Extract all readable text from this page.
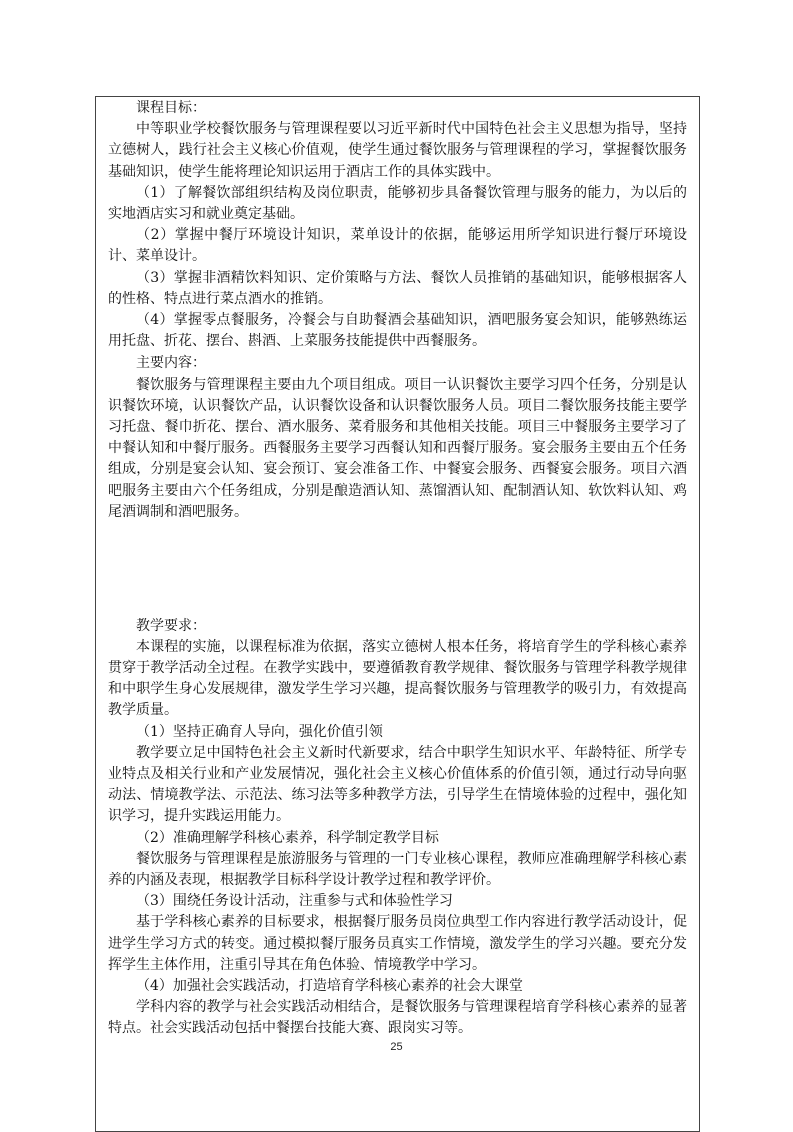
课程目标：

中等职业学校餐饮服务与管理课程要以习近平新时代中国特色社会主义思想为指导，坚持立德树人，践行社会主义核心价值观，使学生通过餐饮服务与管理课程的学习，掌握餐饮服务基础知识，使学生能将理论知识运用于酒店工作的具体实践中。

（1）了解餐饮部组织结构及岗位职责，能够初步具备餐饮管理与服务的能力，为以后的实地酒店实习和就业奠定基础。

（2）掌握中餐厅环境设计知识，菜单设计的依据，能够运用所学知识进行餐厅环境设计、菜单设计。

（3）掌握非酒精饮料知识、定价策略与方法、餐饮人员推销的基础知识，能够根据客人的性格、特点进行菜点酒水的推销。

（4）掌握零点餐服务，冷餐会与自助餐酒会基础知识，酒吧服务宴会知识，能够熟练运用托盘、折花、摆台、斟酒、上菜服务技能提供中西餐服务。

主要内容：

餐饮服务与管理课程主要由九个项目组成。项目一认识餐饮主要学习四个任务，分别是认识餐饮环境，认识餐饮产品，认识餐饮设备和认识餐饮服务人员。项目二餐饮服务技能主要学习托盘、餐巾折花、摆台、酒水服务、菜肴服务和其他相关技能。项目三中餐服务主要学习了中餐认知和中餐厅服务。西餐服务主要学习西餐认知和西餐厅服务。宴会服务主要由五个任务组成，分别是宴会认知、宴会预订、宴会准备工作、中餐宴会服务、西餐宴会服务。项目六酒吧服务主要由六个任务组成，分别是酿造酒认知、蒸馏酒认知、配制酒认知、软饮料认知、鸡尾酒调制和酒吧服务。

教学要求：

本课程的实施，以课程标准为依据，落实立德树人根本任务，将培育学生的学科核心素养贯穿于教学活动全过程。在教学实践中，要遵循教育教学规律、餐饮服务与管理学科教学规律和中职学生身心发展规律，激发学生学习兴趣，提高餐饮服务与管理教学的吸引力，有效提高教学质量。

（1）坚持正确育人导向，强化价值引领

教学要立足中国特色社会主义新时代新要求，结合中职学生知识水平、年龄特征、所学专业特点及相关行业和产业发展情况，强化社会主义核心价值体系的价值引领，通过行动导向驱动法、情境教学法、示范法、练习法等多种教学方法，引导学生在情境体验的过程中，强化知识学习，提升实践运用能力。

（2）准确理解学科核心素养，科学制定教学目标

餐饮服务与管理课程是旅游服务与管理的一门专业核心课程，教师应准确理解学科核心素养的内涵及表现，根据教学目标科学设计教学过程和教学评价。

（3）围绕任务设计活动，注重参与式和体验性学习

基于学科核心素养的目标要求，根据餐厅服务员岗位典型工作内容进行教学活动设计，促进学生学习方式的转变。通过模拟餐厅服务员真实工作情境，激发学生的学习兴趣。要充分发挥学生主体作用，注重引导其在角色体验、情境教学中学习。

（4）加强社会实践活动，打造培育学科核心素养的社会大课堂

学科内容的教学与社会实践活动相结合，是餐饮服务与管理课程培育学科核心素养的显著特点。社会实践活动包括中餐摆台技能大赛、跟岗实习等。

25
